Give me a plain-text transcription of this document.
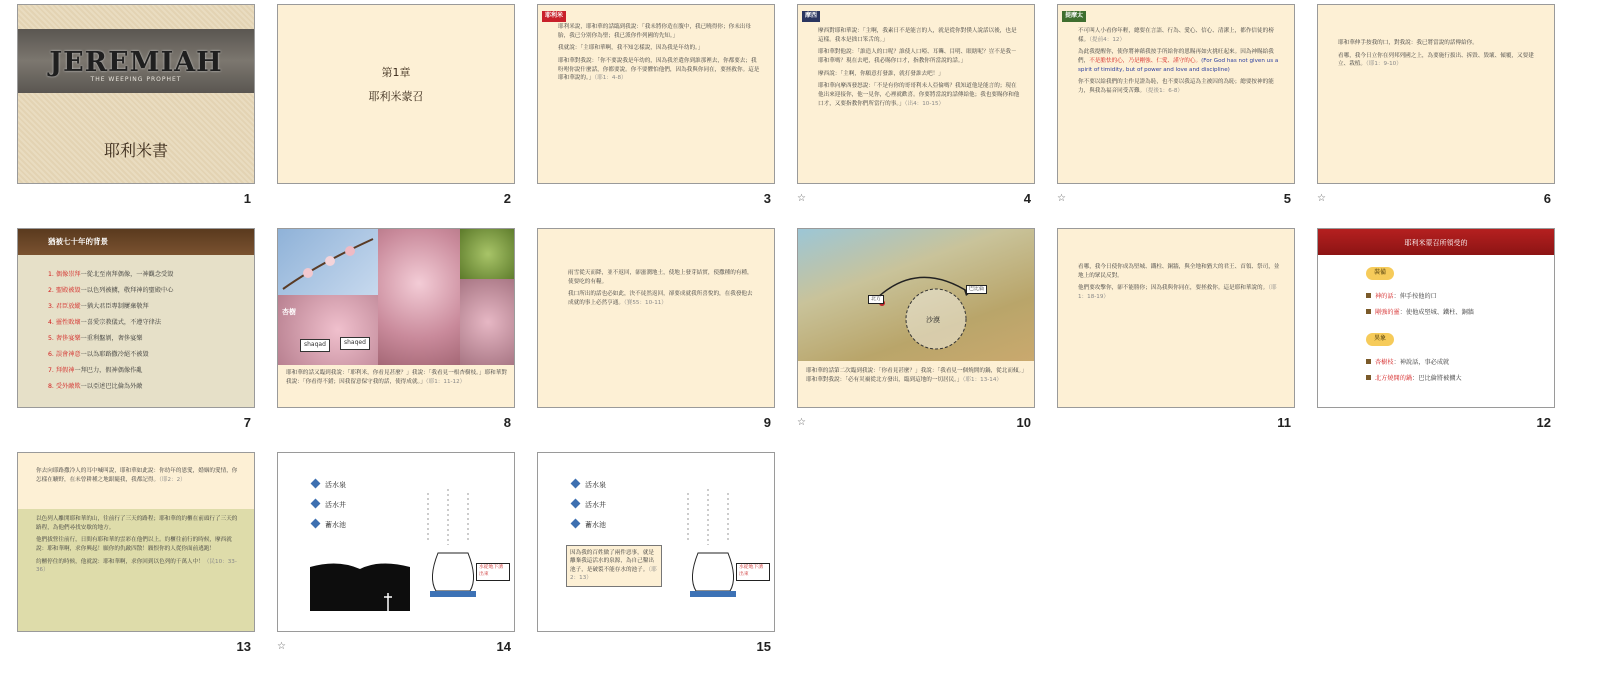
JEREMIAH
THE WEEPING PROPHET
耶利米書
1
第1章
耶利米蒙召
2
耶利米

耶利米說，耶和華的話臨到我說：「我未將你造在腹中，我已曉得你；你未出母胎，我已分別你為聖；我已派你作列國的先知。」

我就說：「主耶和華啊，我不知怎樣說，因為我是年幼的。」

耶和華對我說：「你不要說我是年幼的，因為我差遣你到誰那裡去，你都要去；我吩咐你說什麼話，你都要說。你不要懼怕他們，因為我與你同在，要拯救你。這是耶和華說的。」（耶1：4-8）

3
摩西

摩西對耶和華說：「主啊，我素日不是能言的人，就是從你對僕人說話以後，也是這樣。我本是拙口笨舌的。」

耶和華對他說：「誰造人的口呢？誰使人口啞、耳聾、目明、眼瞎呢？豈不是我－耶和華嗎？現在去吧，我必賜你口才，指教你所當說的話。」

摩西說：「主啊，你願意打發誰，就打發誰去吧！」

耶和華向摩西發怒說：「不是有你的哥哥利未人亞倫嗎？我知道他是能言的；現在他出來迎接你，他一見你，心裡就歡喜。你要將當說的話傳給他；我也要賜你和他口才，又要指教你們所當行的事。」（出4：10-15）

☆	4
提摩太

不可叫人小看你年輕，總要在言語、行為、愛心、信心、清潔上，都作信徒的榜樣。（提前4：12）

為此我提醒你，使你將神藉我按手所給你的恩賜再如火挑旺起來。因為神賜給我們，不是膽怯的心，乃是剛強、仁愛、謹守的心。(For God has not given us a spirit of timidity, but of power and love and discipline)

你不要以給我們的主作見證為恥，也不要以我這為主被囚的為恥；總要按神的能力，與我為福音同受苦難。（提後1：6-8）

☆	5

耶和華伸手按我的口，對我說：我已將當說的話傳給你。

看哪，我今日立你在列邦列國之上，為要施行拔出、拆毀、毀壞、傾覆，又要建立、栽植。（耶1：9-10）

☆	6
猶被七十年的背景
1. 偶像崇拜一從北至南拜偶像，一神觀念受毀
2. 聖殿被毀一以色列被擄，敬拜神的聖殿中心
3. 君臣放縱一猶大君臣專制屢棄敬拜
4. 靈性敗壞一喜愛宗教儀式，不遵守律法
5. 奢侈宴樂一重利盤剝，奢侈宴樂
6. 誤會神意一以為耶路撒冷絕不被毀
7. 拜假神一拜巴力，假神偶像作亂
8. 受外敵欺一以亞述巴比倫為外敵
7
杏樹
shaqad	shaqed

耶和華的話又臨到我說：「耶利米，你看見甚麼？」我說：「我看見一根杏樹枝。」耶和華對我說：「你看得不錯；因我留意保守我的話，使得成就。」（耶1：11-12）

8

雨雪從天而降，並不返回，卻滋潤地土，使地上發芽結實，使撒種的有種，使要吃的有糧。

我口所出的話也必如此，決不徒然返回，卻要成就我所喜悅的，在我發他去成就的事上必然亨通。（賽55：10-11）

9
北方
巴比倫
沙漠

耶和華的話第二次臨到我說：「你看見甚麼？」我說：「我看見一個燒開的鍋，從北而傾。」耶和華對我說：「必有災禍從北方發出，臨到這地的一切居民。」（耶1：13-14）

☆	10

看哪，我今日使你成為堅城、鐵柱、銅牆，與全地和猶大的君王、首領、祭司，並地上的眾民反對。

他們要攻擊你，卻不能勝你；因為我與你同在，要拯救你。這是耶和華說的。（耶1：18-19）

11
耶利米蒙召所領受的
裝備
神的話：伸手按他的口
剛強的靈：使他成堅城、鐵柱、銅牆
異象
杏樹枝：神說話，事必成就
北方燒開的鍋：巴比倫將被擄大
12

你去向耶路撒冷人的耳中喊叫說，耶和華如此說：你幼年的恩愛，婚姻的愛情，你怎樣在曠野，在未曾耕種之地跟隨我，我都記得。（耶2：2）

以色列人離開耶和華的山，往前行了三天的路程；耶和華的約櫃在前頭行了三天的路程，為他們尋找安歇的地方。

他們拔營往前行，日間有耶和華的雲彩在他們以上。約櫃往前行的時候，摩西就說：耶和華啊，求你興起！願你的仇敵四散！願恨你的人從你面前逃跑！

約櫃停住的時候，他就說：耶和華啊，求你回到以色列的千萬人中！（民10：33-36）

13
活水泉
活水井
蓄水池
水從地下湧出來
☆	14
活水泉
活水井
蓄水池
因為我的百姓做了兩件惡事，就是離棄我這活水的泉源，為自己鑿出池子，是破裂不能存水的池子。（耶2：13）
水從地下湧出來
15
